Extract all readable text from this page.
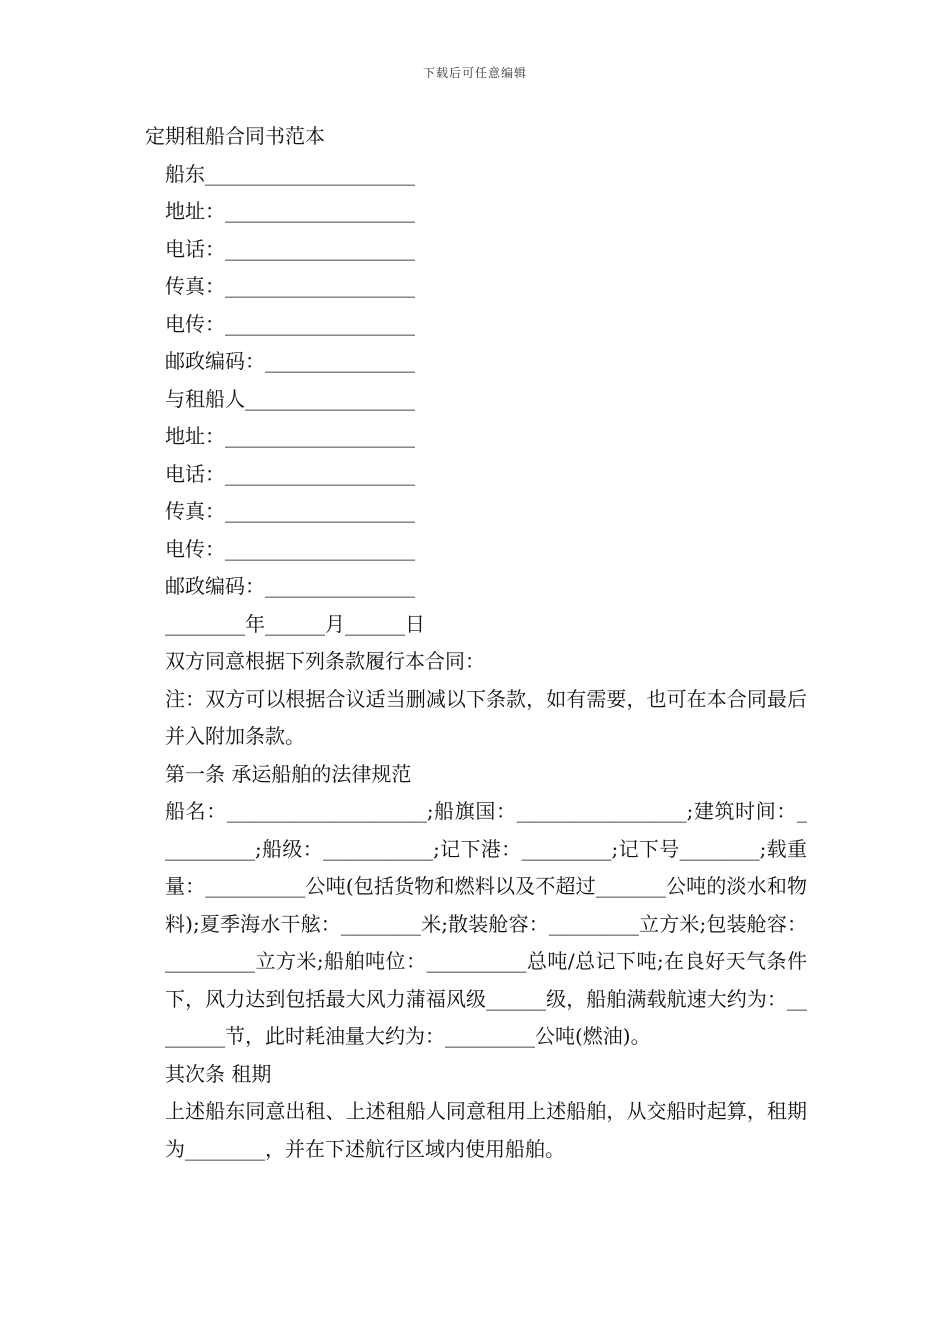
下载后可任意编辑
定期租船合同书范本
船东_____________________
地址：___________________
电话：___________________
传真：___________________
电传：___________________
邮政编码：_______________
与租船人_________________
地址：___________________
电话：___________________
传真：___________________
电传：___________________
邮政编码：_______________
________年______月______日
双方同意根据下列条款履行本合同：
注：双方可以根据合议适当删减以下条款，如有需要，也可在本合同最后并入附加条款。
第一条 承运船舶的法律规范
船名：____________________;船旗国：_________________;建筑时间：__________;船级：___________;记下港：_________;记下号________;载重量：__________公吨(包括货物和燃料以及不超过_______公吨的淡水和物料);夏季海水干舷：________米;散装舱容：_________立方米;包装舱容：_________立方米;船舶吨位：__________总吨/总记下吨;在良好天气条件下，风力达到包括最大风力蒲福风级______级，船舶满载航速大约为：________节，此时耗油量大约为：_________公吨(燃油)。
其次条 租期
上述船东同意出租、上述租船人同意租用上述船舶，从交船时起算，租期为________，并在下述航行区域内使用船舶。
